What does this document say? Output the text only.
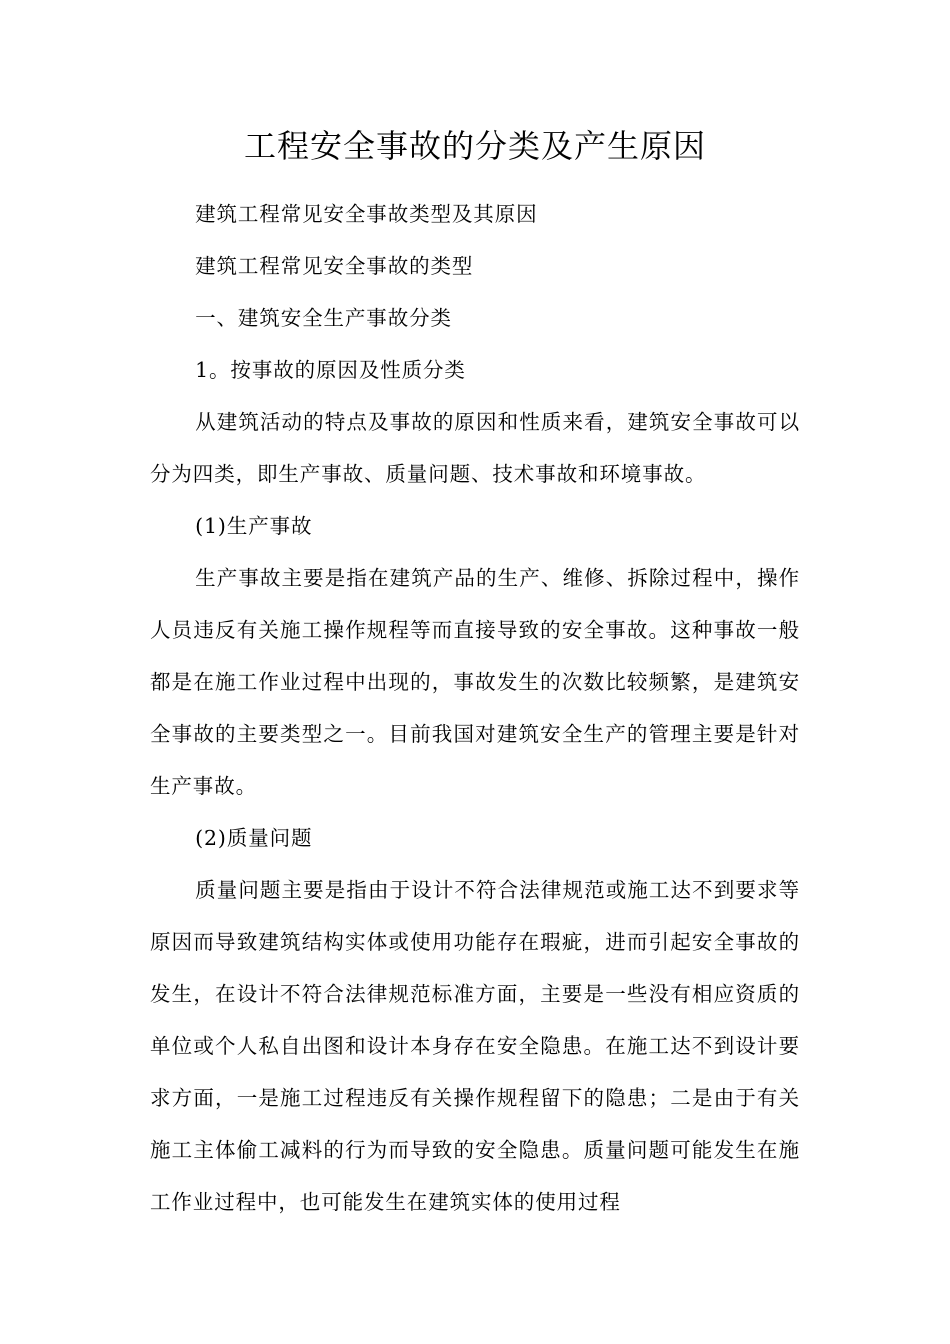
工程安全事故的分类及产生原因

建筑工程常见安全事故类型及其原因

建筑工程常见安全事故的类型

一、建筑安全生产事故分类

1。按事故的原因及性质分类

从建筑活动的特点及事故的原因和性质来看，建筑安全事故可以分为四类，即生产事故、质量问题、技术事故和环境事故。

(1)生产事故

生产事故主要是指在建筑产品的生产、维修、拆除过程中，操作人员违反有关施工操作规程等而直接导致的安全事故。这种事故一般都是在施工作业过程中出现的，事故发生的次数比较频繁，是建筑安全事故的主要类型之一。目前我国对建筑安全生产的管理主要是针对生产事故。

(2)质量问题

质量问题主要是指由于设计不符合法律规范或施工达不到要求等原因而导致建筑结构实体或使用功能存在瑕疵，进而引起安全事故的发生，在设计不符合法律规范标准方面，主要是一些没有相应资质的单位或个人私自出图和设计本身存在安全隐患。在施工达不到设计要求方面，一是施工过程违反有关操作规程留下的隐患；二是由于有关施工主体偷工减料的行为而导致的安全隐患。质量问题可能发生在施工作业过程中，也可能发生在建筑实体的使用过程
